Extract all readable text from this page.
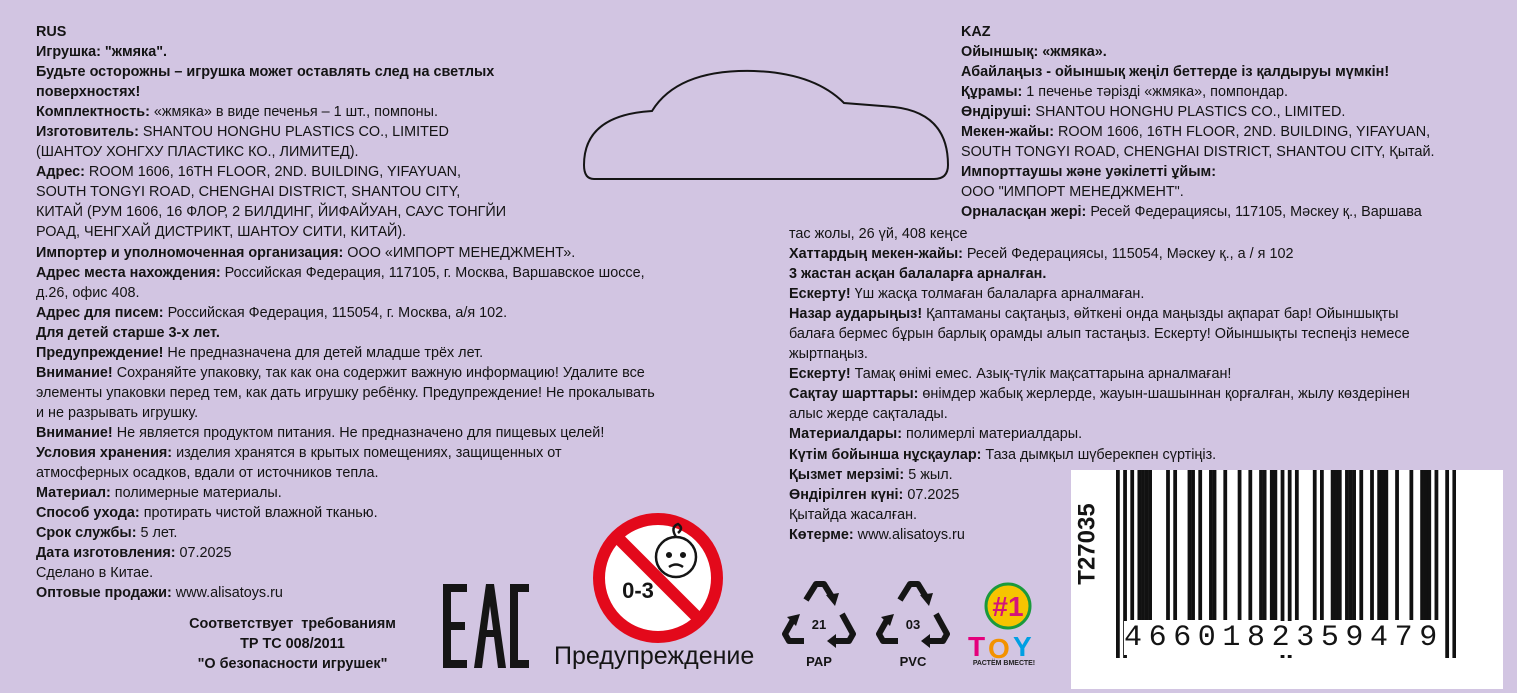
RUS
Игрушка: "жмяка".
Будьте осторожны – игрушка может оставлять след на светлых
поверхностях!
Комплектность: «жмяка» в виде печенья – 1 шт., помпоны.
Изготовитель: SHANTOU HONGHU PLASTICS CO., LIMITED
(ШАНТОУ ХОНГХУ ПЛАСТИКС КО., ЛИМИТЕД).
Адрес: ROOM 1606, 16TH FLOOR, 2ND. BUILDING, YIFAYUAN,
SOUTH TONGYI ROAD, CHENGHAI DISTRICT, SHANTOU CITY,
КИТАЙ (РУМ 1606, 16 ФЛОР, 2 БИЛДИНГ, ЙИФАЙУАН, САУС ТОНГЙИ
РОАД, ЧЕНГХАЙ ДИСТРИКТ, ШАНТОУ СИТИ, КИТАЙ).
Импортер и уполномоченная организация: ООО «ИМПОРТ МЕНЕДЖМЕНТ».
Адрес места нахождения: Российская Федерация, 117105, г. Москва, Варшавское шоссе,
д.26, офис 408.
Адрес для писем: Российская Федерация, 115054, г. Москва, а/я 102.
Для детей старше 3-х лет.
Предупреждение! Не предназначена для детей младше трёх лет.
Внимание! Сохраняйте упаковку, так как она содержит важную информацию! Удалите все
элементы упаковки перед тем, как дать игрушку ребёнку. Предупреждение! Не прокалывать
и не разрывать игрушку.
Внимание! Не является продуктом питания. Не предназначено для пищевых целей!
Условия хранения: изделия хранятся в крытых помещениях, защищенных от
атмосферных осадков, вдали от источников тепла.
Материал: полимерные материалы.
Способ ухода: протирать чистой влажной тканью.
Срок службы: 5 лет.
Дата изготовления: 07.2025
Сделано в Китае.
Оптовые продажи: www.alisatoys.ru
KAZ
Ойыншық: «жмяка».
Абайлаңыз - ойыншық жеңіл беттерде із қалдыруы мүмкін!
Құрамы: 1 печенье тәрізді «жмяка», помпондар.
Өндіруші: SHANTOU HONGHU PLASTICS CO., LIMITED.
Мекен-жайы: ROOM 1606, 16TH FLOOR, 2ND. BUILDING, YIFAYUAN,
SOUTH TONGYI ROAD, CHENGHAI DISTRICT, SHANTOU CITY, Қытай.
Импорттаушы және уәкілетті ұйым:
ООО "ИМПОРТ МЕНЕДЖМЕНТ".
Орналасқан жері: Ресей Федерациясы, 117105, Мәскеу қ., Варшава
тас жолы, 26 үй, 408 кеңсе
Хаттардың мекен-жайы: Ресей Федерациясы, 115054, Мәскеу қ., а / я 102
3 жастан асқан балаларға арналған.
Ескерту! Үш жасқа толмаған балаларға арналмаған.
Назар аударыңыз! Қаптаманы сақтаңыз, өйткені онда маңызды ақпарат бар! Ойыншықты
балаға бермес бұрын барлық орамды алып тастаңыз. Ескерту! Ойыншықты теспеңіз немесе
жыртпаңыз.
Ескерту! Тамақ өнімі емес. Азық-түлік мақсаттарына арналмаған!
Сақтау шарттары: өнімдер жабық жерлерде, жауын-шашыннан қорғалған, жылу көздерінен
алыс жерде сақталады.
Материалдары: полимерлі материалдары.
Күтім бойынша нұсқаулар: Таза дымқыл шүберекпен сүртіңіз.
Қызмет мерзімі: 5 жыл.
Өндірілген күні: 07.2025
Қытайда жасалған.
Көтерме: www.alisatoys.ru
Соответствует  требованиям
ТР ТС 008/2011
"О безопасности игрушек"
0-3
Предупреждение
21
PAP
03
PVC
#1
T O Y
РАСТЁМ ВМЕСТЕ!
T27035
4660182359479
